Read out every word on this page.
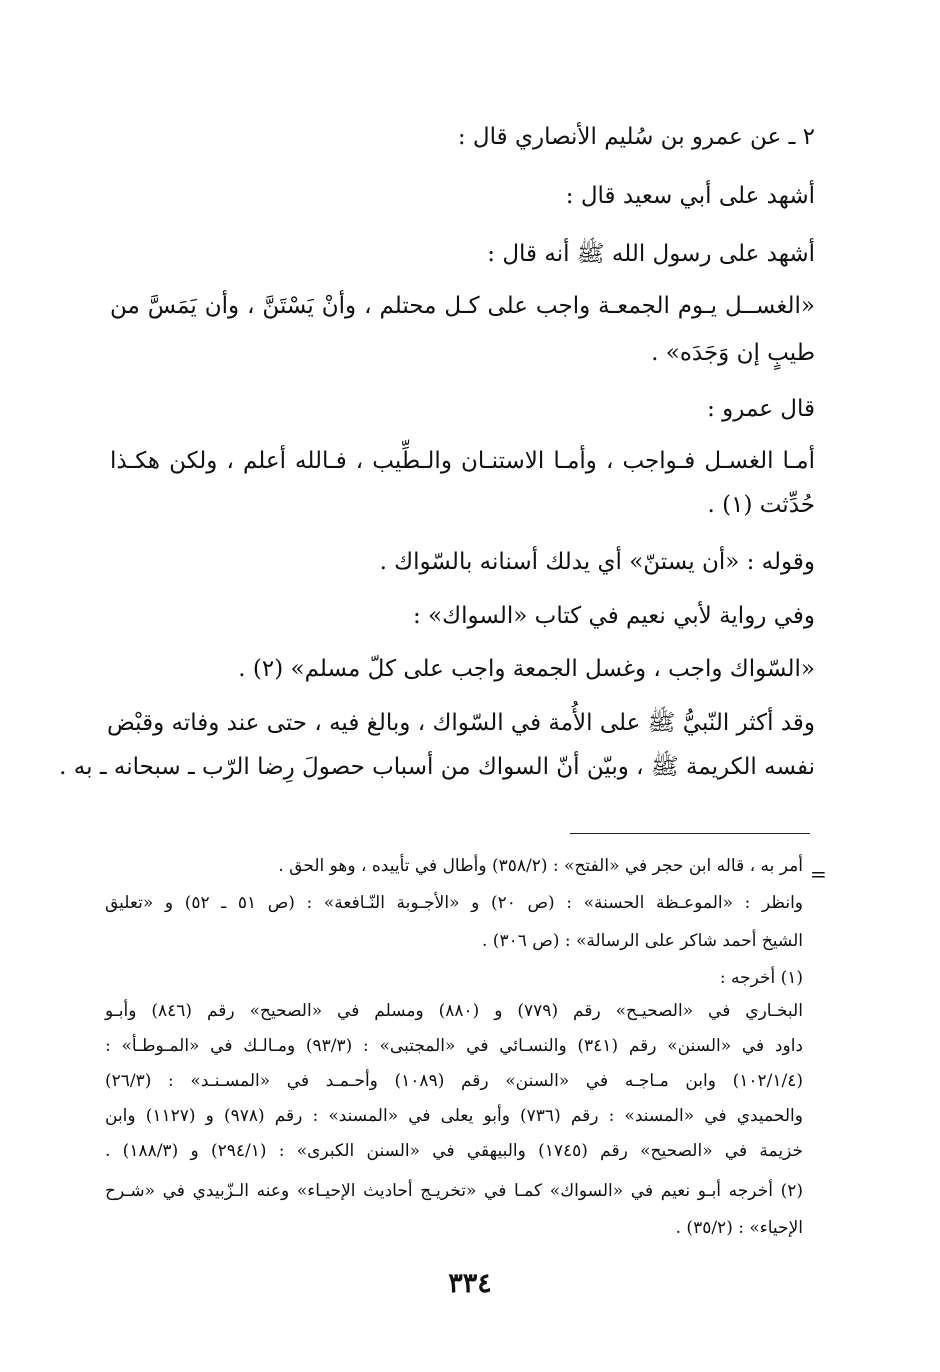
٢ ـ عن عمرو بن سُليم الأنصاري قال :
أشهد على أبي سعيد قال :
أشهد على رسول الله ﷺ أنه قال :
«الغســل يـوم الجمعـة واجب على كـل محتلم ، وأنْ يَسْتَنَّ ، وأن يَمَسَّ من
طيبٍ إن وَجَدَه» .
قال عمرو :
أمـا الغسـل فـواجب ، وأمـا الاستنـان والـطِّيب ، فـالله أعلم ، ولكن هكـذا
حُدِّثت (١) .
وقوله : «أن يستنّ» أي يدلك أسنانه بالسّواك .
وفي رواية لأبي نعيم في كتاب «السواك» :
«السّواك واجب ، وغسل الجمعة واجب على كلّ مسلم» (٢) .
وقد أكثر النّبيُّ ﷺ على الأُمة في السّواك ، وبالغ فيه ، حتى عند وفاته وقبْض
نفسه الكريمة ﷺ ، وبيّن أنّ السواك من أسباب حصولَ رِضا الرّب ـ سبحانه ـ به .
=
أمر به ، قاله ابن حجر في «الفتح» : (٣٥٨/٢) وأطال في تأييده ، وهو الحق .
وانظر : «الموعـظة الحسنة» : (ص ٢٠) و «الأجـوبة النّـافعة» : (ص ٥١ ـ ٥٢) و «تعليق
الشيخ أحمد شاكر على الرسالة» : (ص ٣٠٦) .
(١) أخرجه :
البخـاري في «الصحيـح» رقم (٧٧٩) و (٨٨٠) ومسلم في «الصحيح» رقم (٨٤٦) وأبـو
داود في «السنن» رقم (٣٤١) والنسـائي في «المجتبى» : (٩٣/٣) ومـالـك في «المـوطـأ» :
(١٠٢/١/٤) وابن مـاجـه في «السنن» رقم (١٠٨٩) وأحـمـد في «المسـنـد» : (٢٦/٣)
والحميدي في «المسند» : رقم (٧٣٦) وأبو يعلى في «المسند» : رقم (٩٧٨) و (١١٢٧) وابن
خزيمة في «الصحيح» رقم (١٧٤٥) والبيهقي في «السنن الكبرى» : (٢٩٤/١) و (١٨٨/٣) .
(٢) أخرجه أبـو نعيم في «السواك» كمـا في «تخريـج أحاديث الإحيـاء» وعنه الـزّبيدي في «شـرح
الإحياء» : (٣٥/٢) .
٣٣٤
